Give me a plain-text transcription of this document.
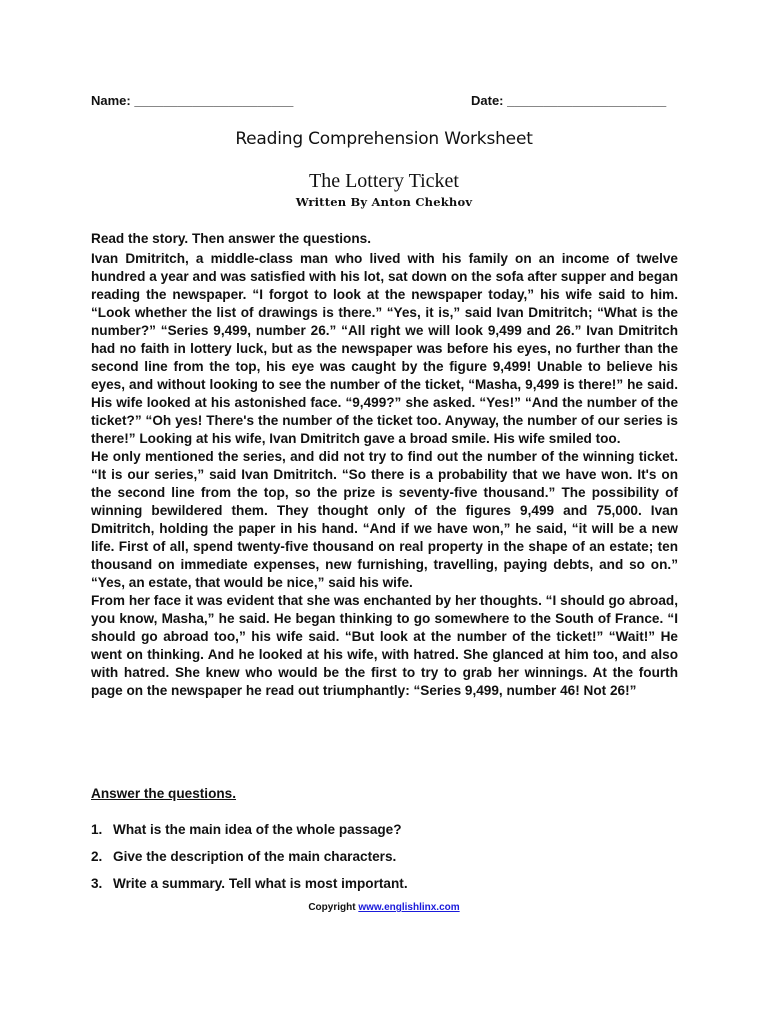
Name: ______________________	Date: ______________________
Reading Comprehension Worksheet
The Lottery Ticket
Written By Anton Chekhov

Read the story. Then answer the questions.

Ivan Dmitritch, a middle-class man who lived with his family on an income of twelve hundred a year and was satisfied with his lot, sat down on the sofa after supper and began reading the newspaper. “I forgot to look at the newspaper today,” his wife said to him. “Look whether the list of drawings is there.” “Yes, it is,” said Ivan Dmitritch; “What is the number?” “Series 9,499, number 26.” “All right we will look 9,499 and 26.” Ivan Dmitritch had no faith in lottery luck, but as the newspaper was before his eyes, no further than the second line from the top, his eye was caught by the figure 9,499! Unable to believe his eyes, and without looking to see the number of the ticket, “Masha, 9,499 is there!” he said. His wife looked at his astonished face. “9,499?” she asked. “Yes!” “And the number of the ticket?” “Oh yes! There's the number of the ticket too. Anyway, the number of our series is there!” Looking at his wife, Ivan Dmitritch gave a broad smile. His wife smiled too.

He only mentioned the series, and did not try to find out the number of the winning ticket. “It is our series,” said Ivan Dmitritch. “So there is a probability that we have won. It's on the second line from the top, so the prize is seventy-five thousand.” The possibility of winning bewildered them. They thought only of the figures 9,499 and 75,000. Ivan Dmitritch, holding the paper in his hand. “And if we have won,” he said, “it will be a new life. First of all, spend twenty-five thousand on real property in the shape of an estate; ten thousand on immediate expenses, new furnishing, travelling, paying debts, and so on.” “Yes, an estate, that would be nice,” said his wife.

From her face it was evident that she was enchanted by her thoughts. “I should go abroad, you know, Masha,” he said. He began thinking to go somewhere to the South of France. “I should go abroad too,” his wife said. “But look at the number of the ticket!” “Wait!” He went on thinking. And he looked at his wife, with hatred. She glanced at him too, and also with hatred. She knew who would be the first to try to grab her winnings. At the fourth page on the newspaper he read out triumphantly: “Series 9,499, number 46! Not 26!”

Answer the questions.
1. What is the main idea of the whole passage?
2. Give the description of the main characters.
3. Write a summary. Tell what is most important.
Copyright www.englishlinx.com
